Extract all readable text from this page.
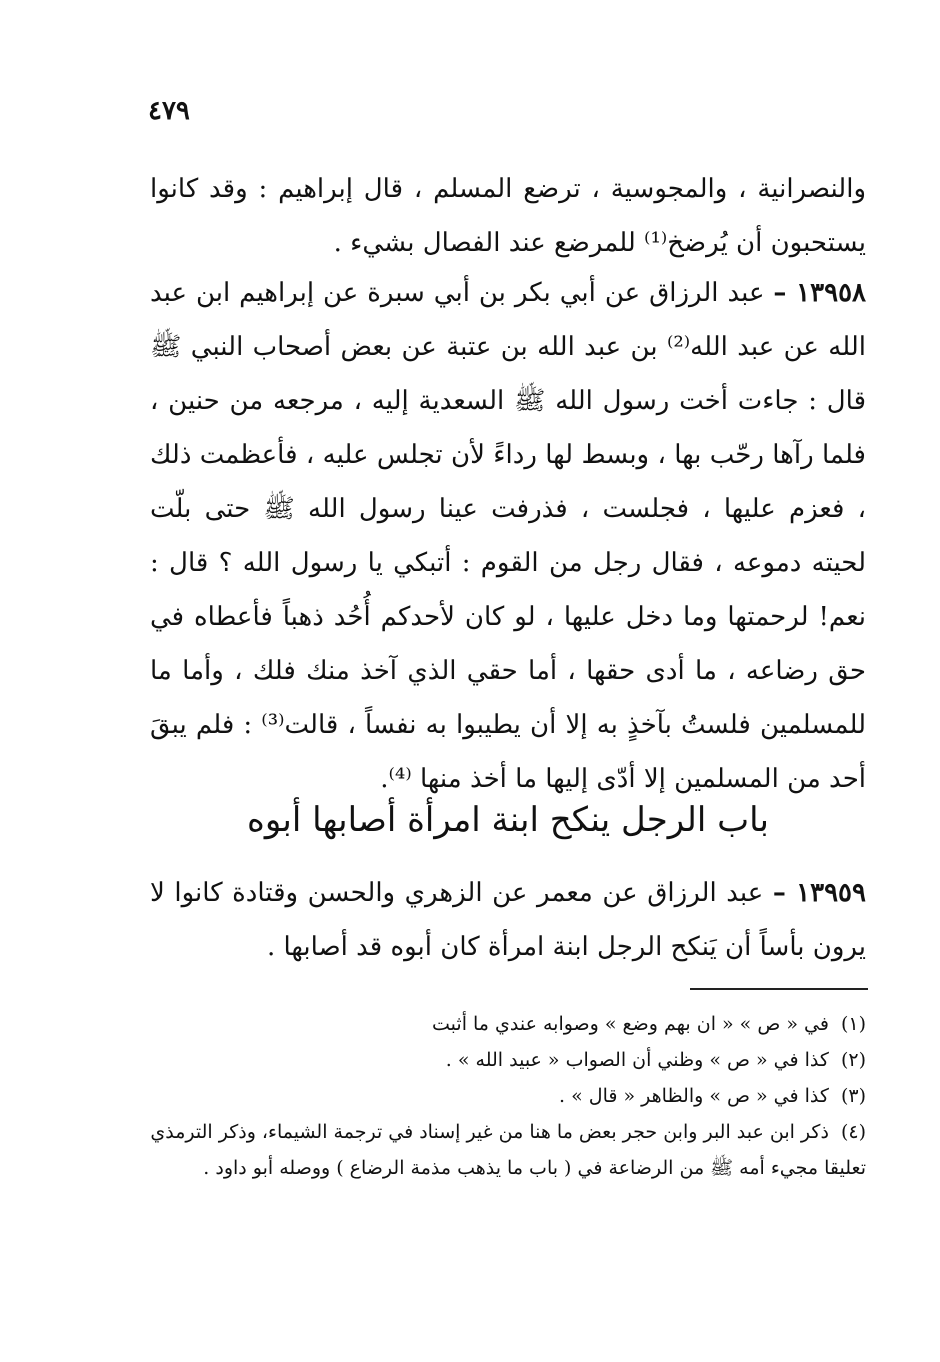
٤٧٩

والنصرانية ، والمجوسية ، ترضع المسلم ، قال إبراهيم : وقد كانوا يستحبون أن يُرضخ⁽¹⁾ للمرضع عند الفصال بشيء .

١٣٩٥٨ – عبد الرزاق عن أبي بكر بن أبي سبرة عن إبراهيم ابن عبد الله عن عبد الله⁽²⁾ بن عبد الله بن عتبة عن بعض أصحاب النبي ﷺ قال : جاءت أخت رسول الله ﷺ السعدية إليه ، مرجعه من حنين ، فلما رآها رحّب بها ، وبسط لها رداءً لأن تجلس عليه ، فأعظمت ذلك ، فعزم عليها ، فجلست ، فذرفت عينا رسول الله ﷺ حتى بلّت لحيته دموعه ، فقال رجل من القوم : أتبكي يا رسول الله ؟ قال : نعم! لرحمتها وما دخل عليها ، لو كان لأحدكم أُحُد ذهباً فأعطاه في حق رضاعه ، ما أدى حقها ، أما حقي الذي آخذ منك فلك ، وأما ما للمسلمين فلستُ بآخذٍ به إلا أن يطيبوا به نفساً ، قالت⁽³⁾ : فلم يبقَ أحد من المسلمين إلا أدّى إليها ما أخذ منها ⁽⁴⁾.

باب الرجل ينكح ابنة امرأة أصابها أبوه

١٣٩٥٩ – عبد الرزاق عن معمر عن الزهري والحسن وقتادة كانوا لا يرون بأساً أن يَنكح الرجل ابنة امرأة كان أبوه قد أصابها .

(١)في « ص » « ان بهم وضع » وصوابه عندي ما أثبت

(٢)كذا في « ص » وظني أن الصواب « عبيد الله » .

(٣)كذا في « ص » والظاهر « قال » .

(٤)ذكر ابن عبد البر وابن حجر بعض ما هنا من غير إسناد في ترجمة الشيماء، وذكر الترمذي تعليقا مجيء أمه ﷺ من الرضاعة في ( باب ما يذهب مذمة الرضاع ) ووصله أبو داود .
